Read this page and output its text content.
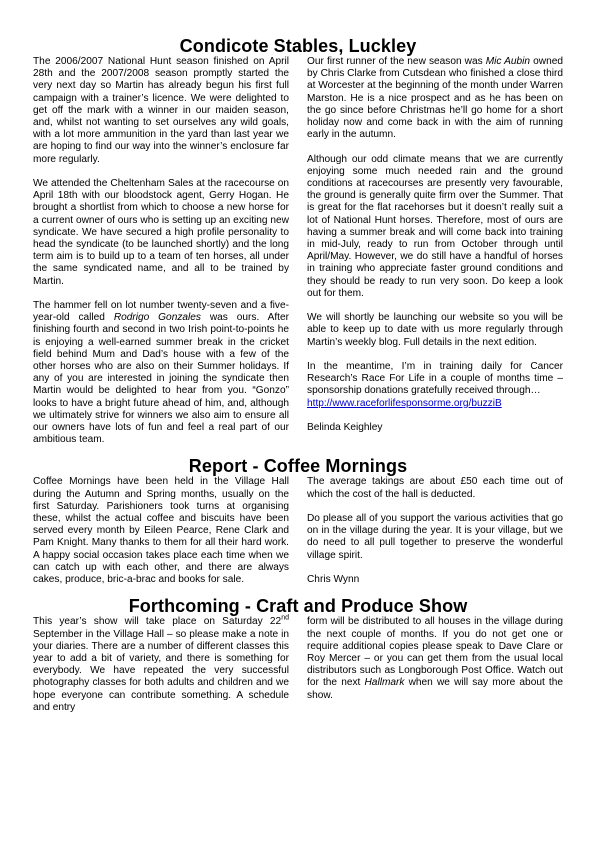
Condicote Stables, Luckley

The 2006/2007 National Hunt season finished on April 28th and the 2007/2008 season promptly started the very next day so Martin has already begun his first full campaign with a trainer’s licence. We were delighted to get off the mark with a winner in our maiden season, and, whilst not wanting to set ourselves any wild goals, with a lot more ammunition in the yard than last year we are hoping to find our way into the winner’s enclosure far more regularly.

We attended the Cheltenham Sales at the racecourse on April 18th with our bloodstock agent, Gerry Hogan. He brought a shortlist from which to choose a new horse for a current owner of ours who is setting up an exciting new syndicate. We have secured a high profile personality to head the syndicate (to be launched shortly) and the long term aim is to build up to a team of ten horses, all under the same syndicated name, and all to be trained by Martin.

The hammer fell on lot number twenty-seven and a five-year-old called Rodrigo Gonzales was ours. After finishing fourth and second in two Irish point-to-points he is enjoying a well-earned summer break in the cricket field behind Mum and Dad’s house with a few of the other horses who are also on their Summer holidays. If any of you are interested in joining the syndicate then Martin would be delighted to hear from you. “Gonzo” looks to have a bright future ahead of him, and, although we ultimately strive for winners we also aim to ensure all our owners have lots of fun and feel a real part of our ambitious team.

Our first runner of the new season was Mic Aubin owned by Chris Clarke from Cutsdean who finished a close third at Worcester at the beginning of the month under Warren Marston. He is a nice prospect and as he has been on the go since before Christmas he’ll go home for a short holiday now and come back in with the aim of running early in the autumn.

Although our odd climate means that we are currently enjoying some much needed rain and the ground conditions at racecourses are presently very favourable, the ground is generally quite firm over the Summer. That is great for the flat racehorses but it doesn’t really suit a lot of National Hunt horses. Therefore, most of ours are having a summer break and will come back into training in mid-July, ready to run from October through until April/May. However, we do still have a handful of horses in training who appreciate faster ground conditions and they should be ready to run very soon. Do keep a look out for them.

We will shortly be launching our website so you will be able to keep up to date with us more regularly through Martin’s weekly blog. Full details in the next edition.

In the meantime, I’m in training daily for Cancer Research’s Race For Life in a couple of months time – sponsorship donations gratefully received through…
http://www.raceforlifesponsorme.org/buzziB

Belinda Keighley

Report - Coffee Mornings

Coffee Mornings have been held in the Village Hall during the Autumn and Spring months, usually on the first Saturday. Parishioners took turns at organising these, whilst the actual coffee and biscuits have been served every month by Eileen Pearce, Rene Clark and Pam Knight. Many thanks to them for all their hard work. A happy social occasion takes place each time when we can catch up with each other, and there are always cakes, produce, bric-a-brac and books for sale.

The average takings are about £50 each time out of which the cost of the hall is deducted.

Do please all of you support the various activities that go on in the village during the year. It is your village, but we do need to all pull together to preserve the wonderful village spirit.

Chris Wynn

Forthcoming - Craft and Produce Show

This year’s show will take place on Saturday 22nd September in the Village Hall – so please make a note in your diaries. There are a number of different classes this year to add a bit of variety, and there is something for everybody. We have repeated the very successful photography classes for both adults and children and we hope everyone can contribute something. A schedule and entry

form will be distributed to all houses in the village during the next couple of months. If you do not get one or require additional copies please speak to Dave Clare or Roy Mercer – or you can get them from the usual local distributors such as Longborough Post Office. Watch out for the next Hallmark when we will say more about the show.
